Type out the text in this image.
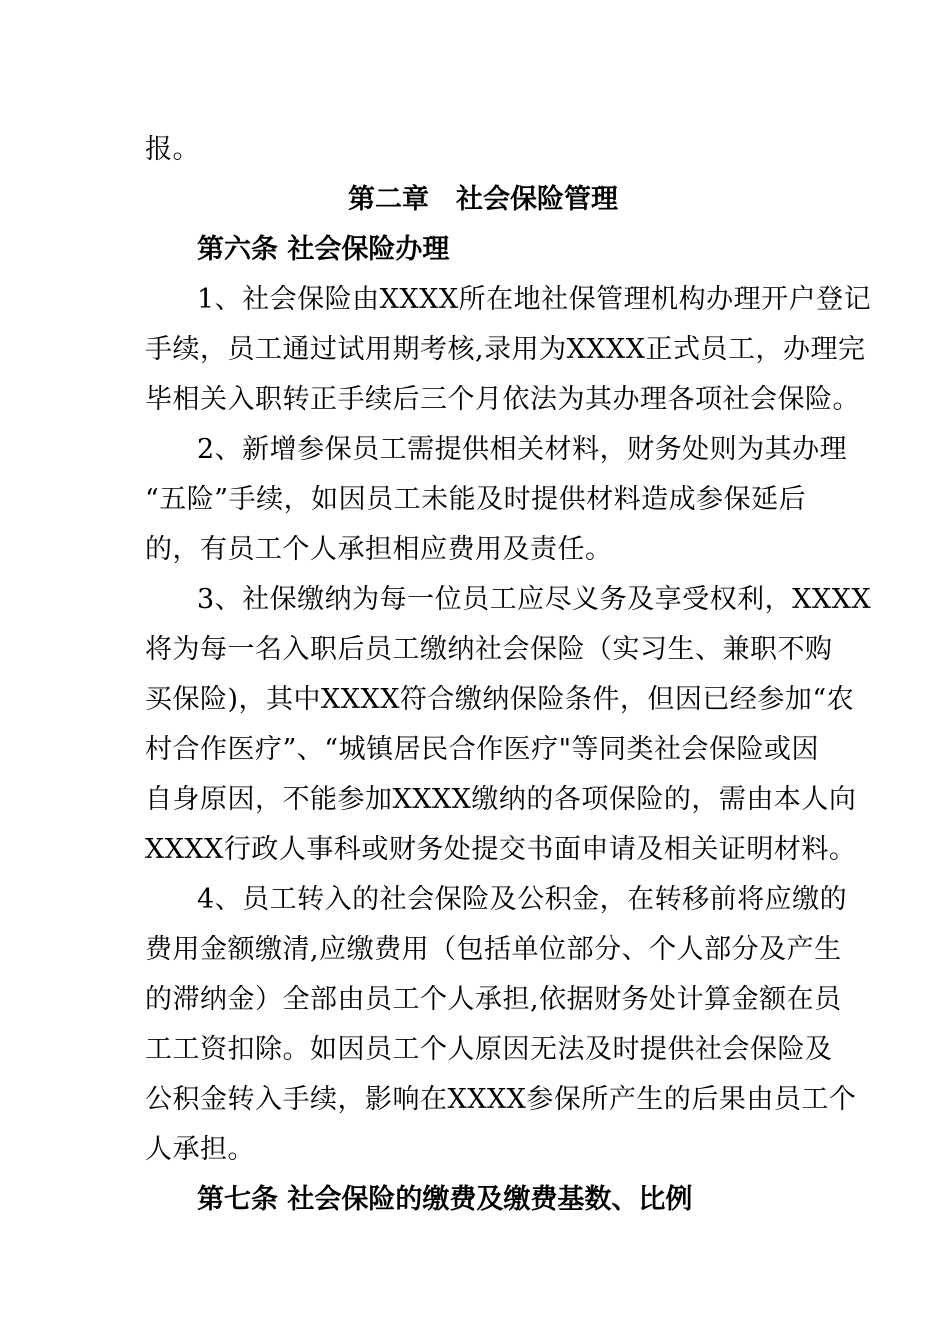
报。
第二章　社会保险管理
第六条 社会保险办理
1、社会保险由XXXX所在地社保管理机构办理开户登记
手续，员工通过试用期考核,录用为XXXX正式员工，办理完
毕相关入职转正手续后三个月依法为其办理各项社会保险。
2、新增参保员工需提供相关材料，财务处则为其办理
“五险”手续，如因员工未能及时提供材料造成参保延后
的，有员工个人承担相应费用及责任。
3、社保缴纳为每一位员工应尽义务及享受权利，XXXX
将为每一名入职后员工缴纳社会保险（实习生、兼职不购
买保险)，其中XXXX符合缴纳保险条件，但因已经参加“农
村合作医疗”、“城镇居民合作医疗"等同类社会保险或因
自身原因，不能参加XXXX缴纳的各项保险的，需由本人向
XXXX行政人事科或财务处提交书面申请及相关证明材料。
4、员工转入的社会保险及公积金，在转移前将应缴的
费用金额缴清,应缴费用（包括单位部分、个人部分及产生
的滞纳金）全部由员工个人承担,依据财务处计算金额在员
工工资扣除。如因员工个人原因无法及时提供社会保险及
公积金转入手续，影响在XXXX参保所产生的后果由员工个
人承担。
第七条 社会保险的缴费及缴费基数、比例
